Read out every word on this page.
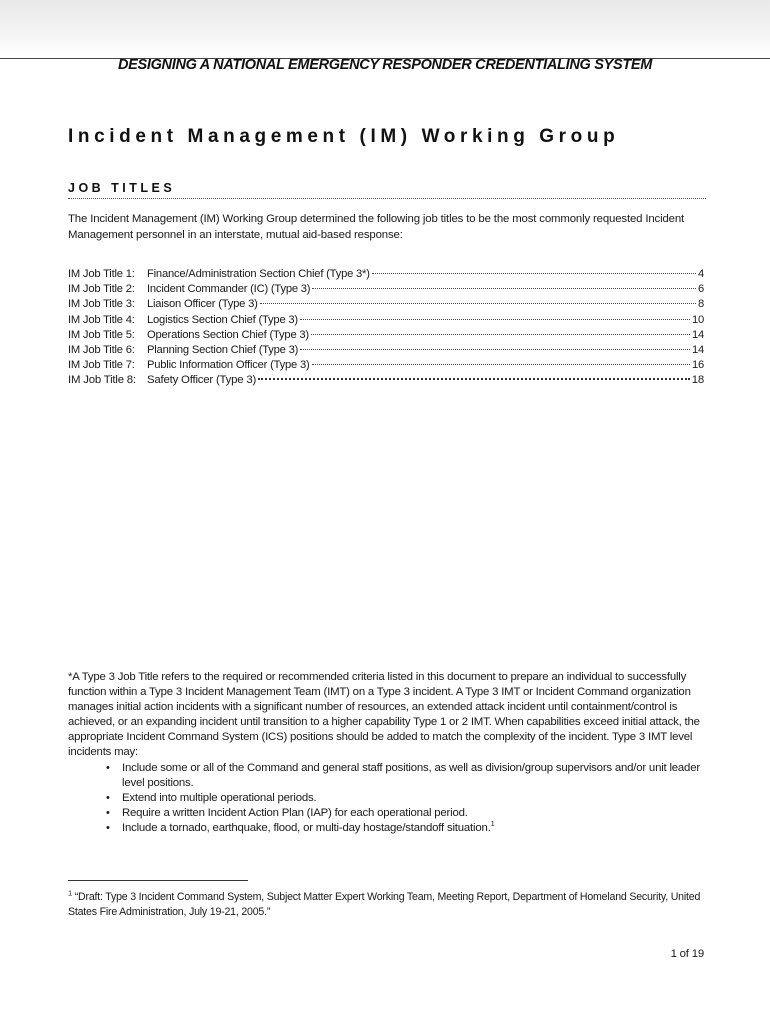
DESIGNING A NATIONAL EMERGENCY RESPONDER CREDENTIALING SYSTEM
Incident Management (IM) Working Group
JOB TITLES

The Incident Management (IM) Working Group determined the following job titles to be the most commonly requested Incident Management personnel in an interstate, mutual aid-based response:

IM Job Title 1:	Finance/Administration Section Chief (Type 3*)	4
IM Job Title 2:	Incident Commander (IC) (Type 3)	6
IM Job Title 3:	Liaison Officer (Type 3)	8
IM Job Title 4:	Logistics Section Chief (Type 3)	10
IM Job Title 5:	Operations Section Chief (Type 3)	14
IM Job Title 6:	Planning Section Chief (Type 3)	14
IM Job Title 7:	Public Information Officer (Type 3)	16
IM Job Title 8: Safety Officer (Type 3)	18

*A Type 3 Job Title refers to the required or recommended criteria listed in this document to prepare an individual to successfully function within a Type 3 Incident Management Team (IMT) on a Type 3 incident. A Type 3 IMT or Incident Command organization manages initial action incidents with a significant number of resources, an extended attack incident until containment/control is achieved, or an expanding incident until transition to a higher capability Type 1 or 2 IMT. When capabilities exceed initial attack, the appropriate Incident Command System (ICS) positions should be added to match the complexity of the incident. Type 3 IMT level incidents may:

• Include some or all of the Command and general staff positions, as well as division/group supervisors and/or unit leader level positions.
• Extend into multiple operational periods.
• Require a written Incident Action Plan (IAP) for each operational period.
• Include a tornado, earthquake, flood, or multi-day hostage/standoff situation.$^1$

$^1$ “Draft: Type 3 Incident Command System, Subject Matter Expert Working Team, Meeting Report, Department of Homeland Security, United States Fire Administration, July 19-21, 2005.”

1 of 19
